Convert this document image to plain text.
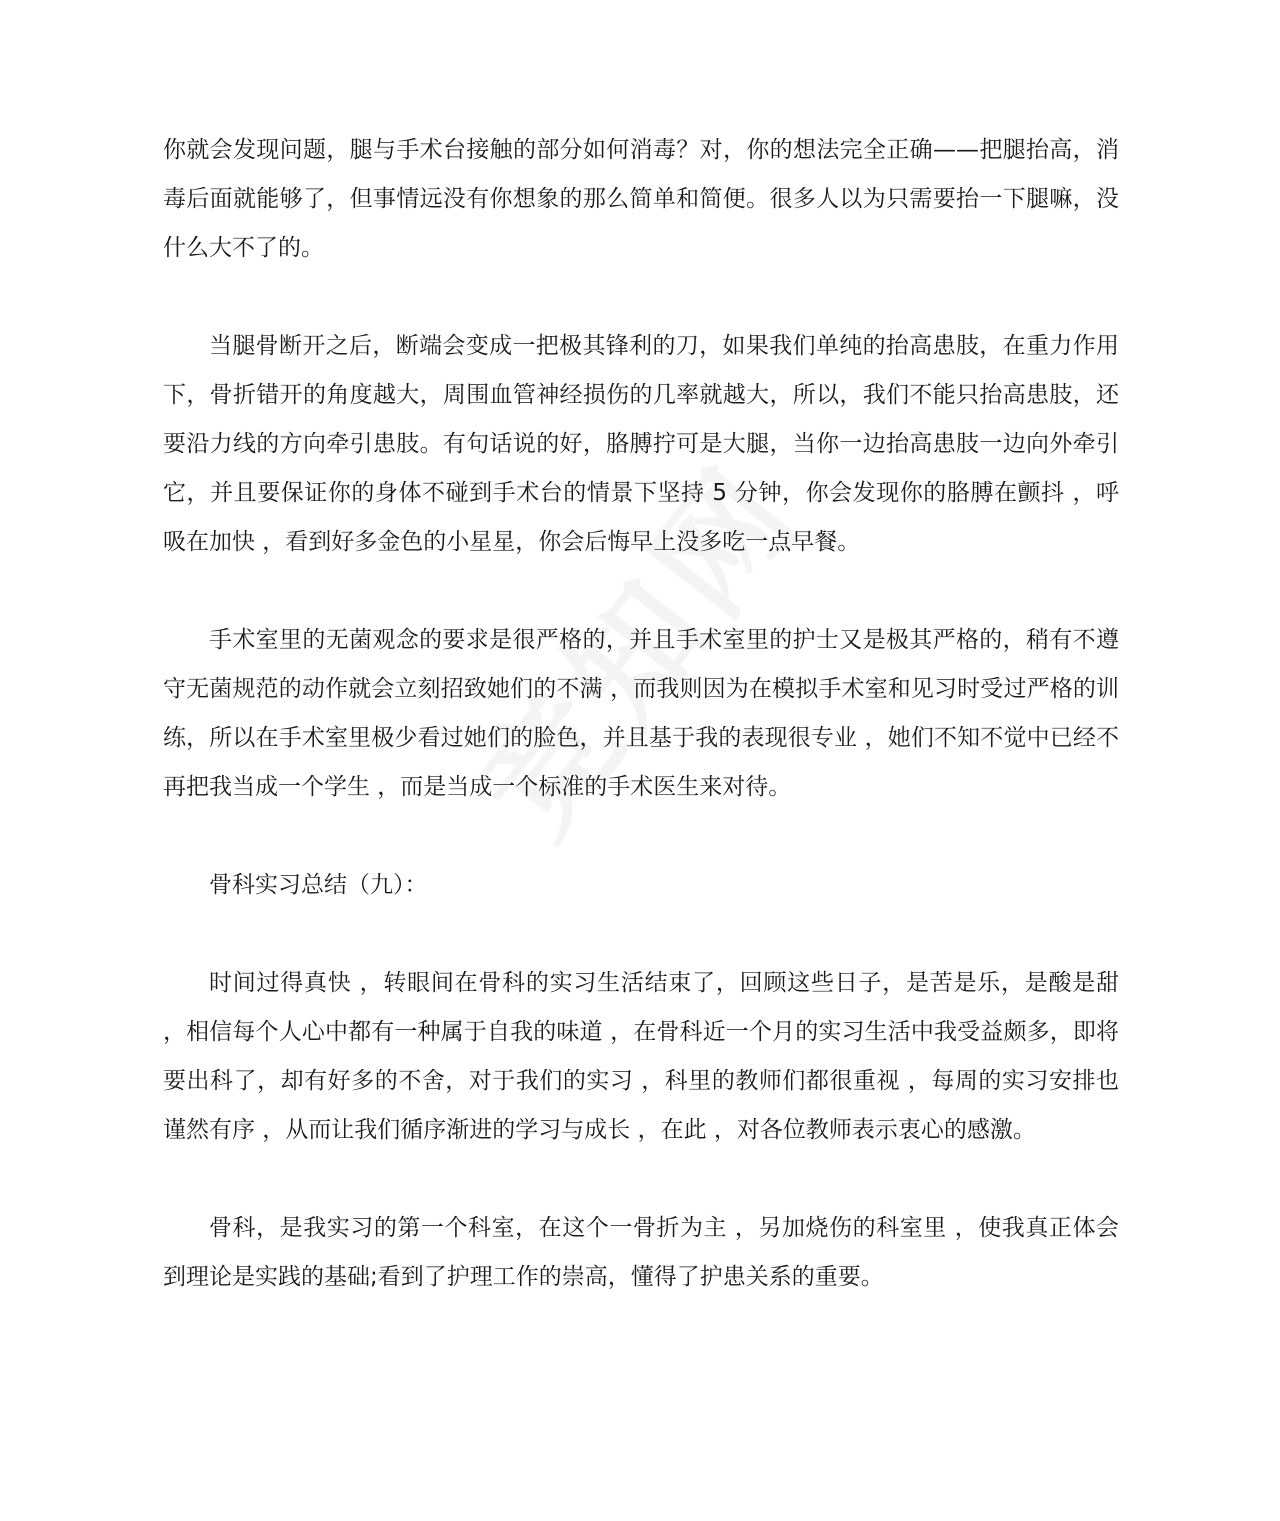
你就会发现问题，腿与手术台接触的部分如何消毒？对，你的想法完全正确——把腿抬高，消毒后面就能够了，但事情远没有你想象的那么简单和简便。很多人以为只需要抬一下腿嘛，没什么大不了的。

当腿骨断开之后，断端会变成一把极其锋利的刀，如果我们单纯的抬高患肢，在重力作用下，骨折错开的角度越大，周围血管神经损伤的几率就越大，所以，我们不能只抬高患肢，还要沿力线的方向牵引患肢。有句话说的好，胳膊拧可是大腿，当你一边抬高患肢一边向外牵引它，并且要保证你的身体不碰到手术台的情景下坚持 5 分钟，你会发现你的胳膊在颤抖 ，呼吸在加快 ，看到好多金色的小星星，你会后悔早上没多吃一点早餐。

手术室里的无菌观念的要求是很严格的，并且手术室里的护士又是极其严格的，稍有不遵守无菌规范的动作就会立刻招致她们的不满 ，而我则因为在模拟手术室和见习时受过严格的训练，所以在手术室里极少看过她们的脸色，并且基于我的表现很专业 ，她们不知不觉中已经不再把我当成一个学生 ，而是当成一个标准的手术医生来对待。

骨科实习总结（九）：

时间过得真快 ，转眼间在骨科的实习生活结束了，回顾这些日子，是苦是乐，是酸是甜 ，相信每个人心中都有一种属于自我的味道 ，在骨科近一个月的实习生活中我受益颇多，即将要出科了，却有好多的不舍，对于我们的实习 ，科里的教师们都很重视 ，每周的实习安排也谨然有序 ，从而让我们循序渐进的学习与成长 ，在此 ，对各位教师表示衷心的感激。

骨科，是我实习的第一个科室，在这个一骨折为主 ，另加烧伤的科室里 ，使我真正体会到理论是实践的基础;看到了护理工作的崇高，懂得了护患关系的重要。
